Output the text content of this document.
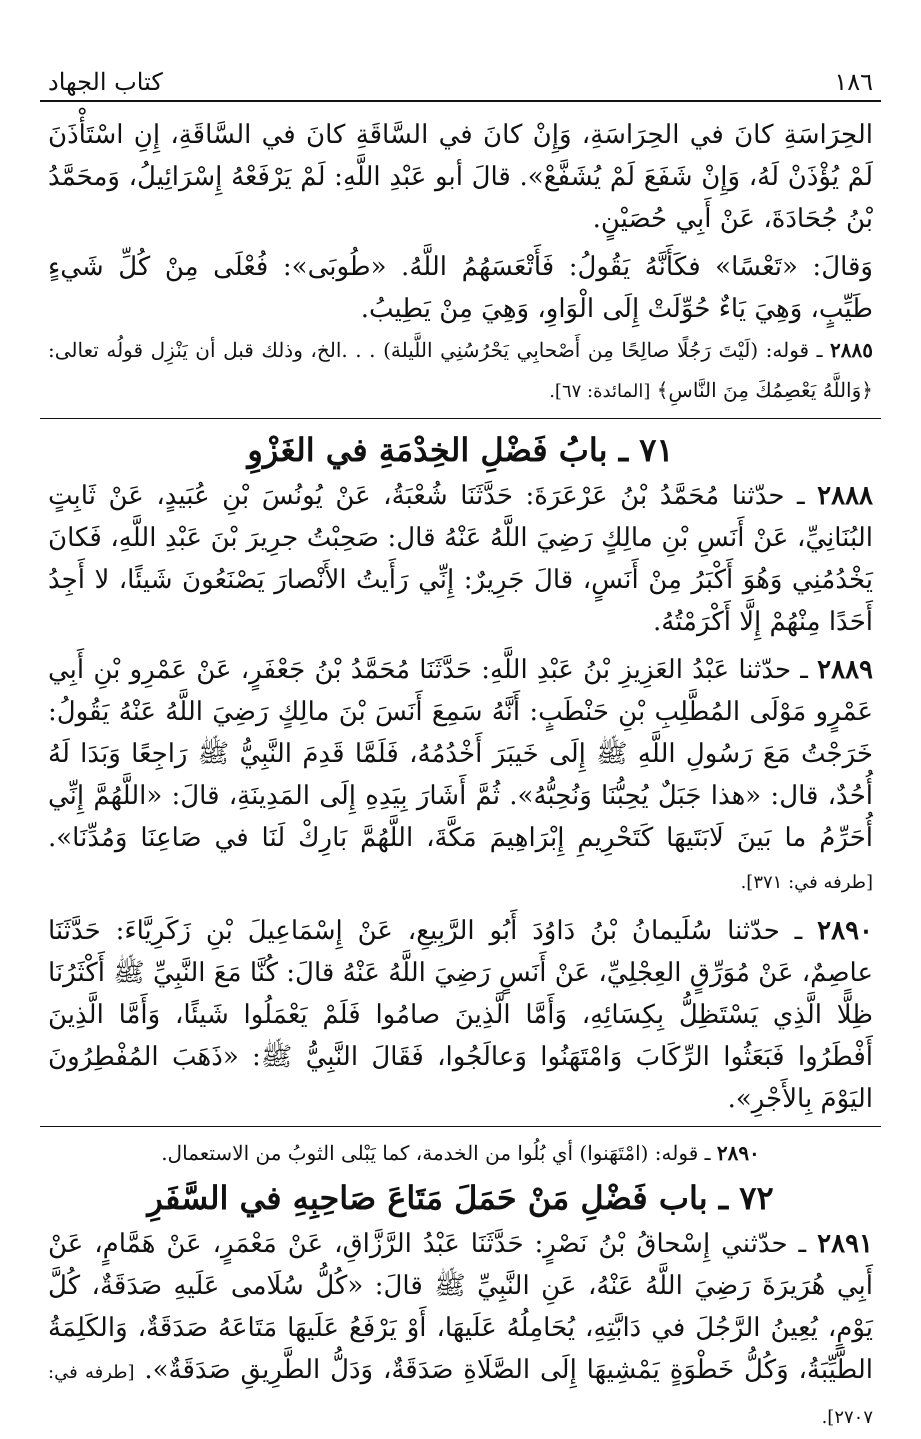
١٨٦
كتاب الجهاد

الحِرَاسَةِ كانَ في الحِرَاسَةِ، وَإِنْ كانَ في السَّاقَةِ كانَ في السَّاقَةِ، إِنِ اسْتَأْذَنَ لَمْ يُؤْذَنْ لَهُ، وَإِنْ شَفَعَ لَمْ يُشَفَّعْ». قالَ أبو عَبْدِ اللَّهِ: لَمْ يَرْفَعْهُ إِسْرَائِيلُ، وَمحَمَّدُ بْنُ جُحَادَةَ، عَنْ أَبِي حُصَيْنٍ.

وَقالَ: «تَعْسًا» فكَأَنَّهُ يَقُولُ: فَأَتْعَسَهُمُ اللَّهُ. «طُوبَى»: فُعْلَى مِنْ كُلِّ شَيءٍ طَيِّبٍ، وَهِيَ يَاءٌ حُوِّلَتْ إِلَى الْوَاوِ، وَهِيَ مِنْ يَطِيبُ.

٢٨٨٥ ـ قوله: (لَيْتَ رَجُلًا صالِحًا مِن أَصْحابِي يَحْرُسُنِي اللَّيلة) . . .الخ، وذلك قبل أن يَنْزِل قولُه تعالى: ﴿وَاللَّهُ يَعْصِمُكَ مِنَ النَّاسِ﴾ [المائدة: ٦٧].

٧١ ـ بابُ فَضْلِ الخِدْمَةِ في الغَزْوِ

٢٨٨٨ ـ حدّثنا مُحَمَّدُ بْنُ عَرْعَرَةَ: حَدَّثَنَا شُعْبَةُ، عَنْ يُونُسَ بْنِ عُبَيدٍ، عَنْ ثَابِتٍ البُنَانِيِّ، عَنْ أَنَسِ بْنِ مالِكٍ رَضِيَ اللَّهُ عَنْهُ قال: صَحِبْتُ جرِيرَ بْنَ عَبْدِ اللَّهِ، فَكانَ يَخْدُمُنِي وَهُوَ أَكْبَرُ مِنْ أَنَسٍ، قالَ جَرِيرٌ: إِنِّي رَأَيتُ الأَنْصارَ يَصْنَعُونَ شَيئًا، لا أَجِدُ أَحَدًا مِنْهُمْ إِلَّا أَكْرَمْتُهُ.

٢٨٨٩ ـ حدّثنا عَبْدُ العَزِيزِ بْنُ عَبْدِ اللَّهِ: حَدَّثَنَا مُحَمَّدُ بْنُ جَعْفَرٍ، عَنْ عَمْرِو بْنِ أَبِي عَمْرٍو مَوْلَى المُطَّلِبِ بْنِ حَنْطَبٍ: أَنَّهُ سَمِعَ أَنَسَ بْنَ مالِكٍ رَضِيَ اللَّهُ عَنْهُ يَقُولُ: خَرَجْتُ مَعَ رَسُولِ اللَّهِ ﷺ إِلَى خَيبَرَ أَخْدُمُهُ، فَلَمَّا قَدِمَ النَّبِيُّ ﷺ رَاجِعًا وَبَدَا لَهُ أُحُدٌ، قال: «هذا جَبَلٌ يُحِبُّنَا وَنُحِبُّهُ». ثُمَّ أَشَارَ بِيَدِهِ إِلَى المَدِينَةِ، قالَ: «اللَّهُمَّ إِنِّي أُحَرِّمُ ما بَينَ لَابَتَيهَا كَتَحْرِيمِ إِبْرَاهِيمَ مَكَّةَ، اللَّهُمَّ بَارِكْ لَنَا في صَاعِنَا وَمُدِّنَا». [طرفه في: ٣٧١].

٢٨٩٠ ـ حدّثنا سُلَيمانُ بْنُ دَاوُدَ أَبُو الرَّبِيعِ، عَنْ إِسْمَاعِيلَ بْنِ زَكَرِيَّاءَ: حَدَّثَنَا عاصِمٌ، عَنْ مُوَرِّقٍ العِجْلِيِّ، عَنْ أَنَسٍ رَضِيَ اللَّهُ عَنْهُ قالَ: كُنَّا مَعَ النَّبِيِّ ﷺ أَكْثَرُنَا ظِلًّا الَّذِي يَسْتَظِلُّ بِكِسَائِهِ، وَأَمَّا الَّذِينَ صامُوا فَلَمْ يَعْمَلُوا شَيئًا، وَأَمَّا الَّذِينَ أَفْطَرُوا فَبَعَثُوا الرِّكَابَ وَامْتَهَنُوا وَعالَجُوا، فَقَالَ النَّبِيُّ ﷺ: «ذَهَبَ المُفْطِرُونَ اليَوْمَ بِالأَجْرِ».

٢٨٩٠ ـ قوله: (امْتَهَنوا) أي بُلُوا من الخدمة، كما يَبْلى الثوبُ من الاستعمال.

٧٢ ـ باب فَضْلِ مَنْ حَمَلَ مَتَاعَ صَاحِبِهِ في السَّفَرِ

٢٨٩١ ـ حدّثني إِسْحاقُ بْنُ نَصْرٍ: حَدَّثَنَا عَبْدُ الرَّزَّاقِ، عَنْ مَعْمَرٍ، عَنْ هَمَّامٍ، عَنْ أَبِي هُرَيرَةَ رَضِيَ اللَّهُ عَنْهُ، عَنِ النَّبِيِّ ﷺ قالَ: «كُلُّ سُلَامى عَلَيهِ صَدَقَةٌ، كُلَّ يَوْمٍ، يُعِينُ الرَّجُلَ في دَابَّتِهِ، يُحَامِلُهُ عَلَيهَا، أَوْ يَرْفَعُ عَلَيهَا مَتَاعَهُ صَدَقَةٌ، وَالكَلِمَةُ الطَّيِّبَةُ، وَكُلُّ خَطْوَةٍ يَمْشِيهَا إِلَى الصَّلَاةِ صَدَقَةٌ، وَدَلُّ الطَّرِيقِ صَدَقَةٌ». [طرفه في: ٢٧٠٧].
